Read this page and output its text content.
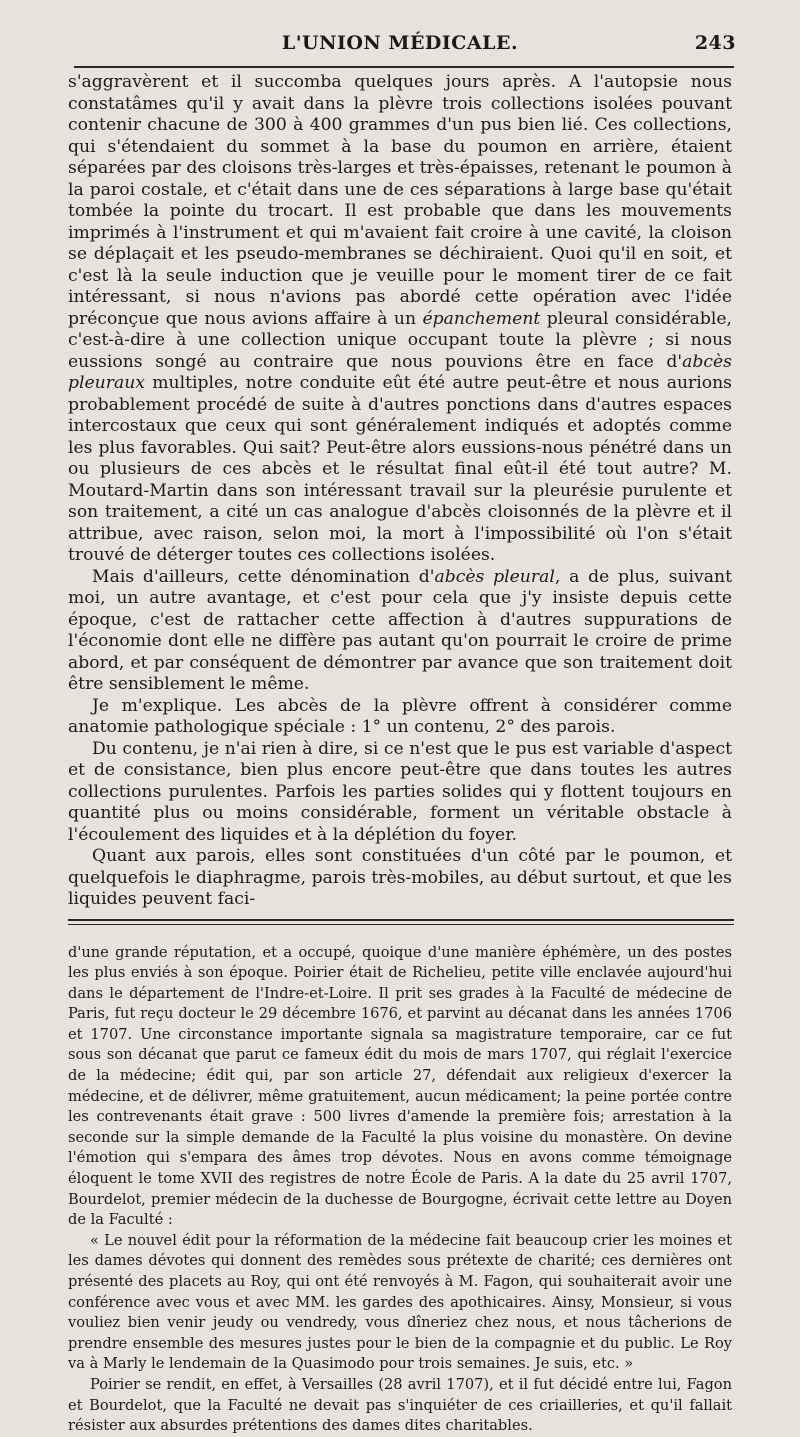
L'UNION MÉDICALE.	243

s'aggravèrent et il succomba quelques jours après. A l'autopsie nous constatâmes qu'il y avait dans la plèvre trois collections isolées pouvant contenir chacune de 300 à 400 grammes d'un pus bien lié. Ces collections, qui s'étendaient du sommet à la base du poumon en arrière, étaient séparées par des cloisons très-larges et très-épaisses, retenant le poumon à la paroi costale, et c'était dans une de ces séparations à large base qu'était tombée la pointe du trocart. Il est probable que dans les mouvements imprimés à l'instrument et qui m'avaient fait croire à une cavité, la cloison se déplaçait et les pseudo-membranes se déchiraient. Quoi qu'il en soit, et c'est là la seule induction que je veuille pour le moment tirer de ce fait intéressant, si nous n'avions pas abordé cette opération avec l'idée préconçue que nous avions affaire à un épanchement pleural considérable, c'est-à-dire à une collection unique occupant toute la plèvre ; si nous eussions songé au contraire que nous pouvions être en face d'abcès pleuraux multiples, notre conduite eût été autre peut-être et nous aurions probablement procédé de suite à d'autres ponctions dans d'autres espaces intercostaux que ceux qui sont généralement indiqués et adoptés comme les plus favorables. Qui sait? Peut-être alors eussions-nous pénétré dans un ou plusieurs de ces abcès et le résultat final eût-il été tout autre? M. Moutard-Martin dans son intéressant travail sur la pleurésie purulente et son traitement, a cité un cas analogue d'abcès cloisonnés de la plèvre et il attribue, avec raison, selon moi, la mort à l'impossibilité où l'on s'était trouvé de déterger toutes ces collections isolées.

Mais d'ailleurs, cette dénomination d'abcès pleural, a de plus, suivant moi, un autre avantage, et c'est pour cela que j'y insiste depuis cette époque, c'est de rattacher cette affection à d'autres suppurations de l'économie dont elle ne diffère pas autant qu'on pourrait le croire de prime abord, et par conséquent de démontrer par avance que son traitement doit être sensiblement le même.

Je m'explique. Les abcès de la plèvre offrent à considérer comme anatomie pathologique spéciale : 1° un contenu, 2° des parois.

Du contenu, je n'ai rien à dire, si ce n'est que le pus est variable d'aspect et de consistance, bien plus encore peut-être que dans toutes les autres collections purulentes. Parfois les parties solides qui y flottent toujours en quantité plus ou moins considérable, forment un véritable obstacle à l'écoulement des liquides et à la déplétion du foyer.

Quant aux parois, elles sont constituées d'un côté par le poumon, et quelquefois le diaphragme, parois très-mobiles, au début surtout, et que les liquides peuvent faci-

d'une grande réputation, et a occupé, quoique d'une manière éphémère, un des postes les plus enviés à son époque. Poirier était de Richelieu, petite ville enclavée aujourd'hui dans le département de l'Indre-et-Loire. Il prit ses grades à la Faculté de médecine de Paris, fut reçu docteur le 29 décembre 1676, et parvint au décanat dans les années 1706 et 1707. Une circonstance importante signala sa magistrature temporaire, car ce fut sous son décanat que parut ce fameux édit du mois de mars 1707, qui réglait l'exercice de la médecine; édit qui, par son article 27, défendait aux religieux d'exercer la médecine, et de délivrer, même gratuitement, aucun médicament; la peine portée contre les contrevenants était grave : 500 livres d'amende la première fois; arrestation à la seconde sur la simple demande de la Faculté la plus voisine du monastère. On devine l'émotion qui s'empara des âmes trop dévotes. Nous en avons comme témoignage éloquent le tome XVII des registres de notre École de Paris. A la date du 25 avril 1707, Bourdelot, premier médecin de la duchesse de Bourgogne, écrivait cette lettre au Doyen de la Faculté :

« Le nouvel édit pour la réformation de la médecine fait beaucoup crier les moines et les dames dévotes qui donnent des remèdes sous prétexte de charité; ces dernières ont présenté des placets au Roy, qui ont été renvoyés à M. Fagon, qui souhaiterait avoir une conférence avec vous et avec MM. les gardes des apothicaires. Ainsy, Monsieur, si vous vouliez bien venir jeudy ou vendredy, vous dîneriez chez nous, et nous tâcherions de prendre ensemble des mesures justes pour le bien de la compagnie et du public. Le Roy va à Marly le lendemain de la Quasimodo pour trois semaines. Je suis, etc. »

Poirier se rendit, en effet, à Versailles (28 avril 1707), et il fut décidé entre lui, Fagon et Bourdelot, que la Faculté ne devait pas s'inquiéter de ces criailleries, et qu'il fallait résister aux absurdes prétentions des dames dites charitables.
